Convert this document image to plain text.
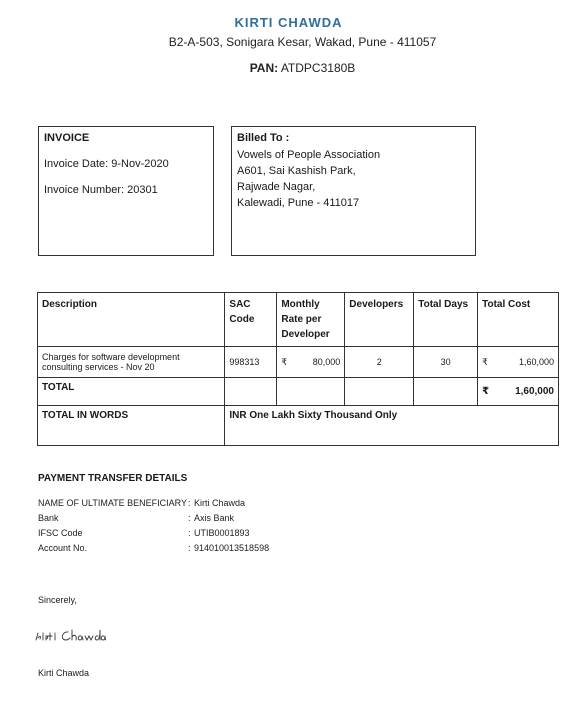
KIRTI CHAWDA
B2-A-503, Sonigara Kesar, Wakad, Pune - 411057
PAN: ATDPC3180B
INVOICE
Invoice Date: 9-Nov-2020
Invoice Number: 20301
Billed To :
Vowels of People Association
A601, Sai Kashish Park,
Rajwade Nagar,
Kalewadi, Pune - 411017
Description	SAC Code	Monthly Rate per Developer	Developers	Total Days	Total Cost
Charges for software development consulting services - Nov 20	998313	₹ 80,000	2	30	₹ 1,60,000

TOTAL					₹ 1,60,000

TOTAL IN WORDS	INR One Lakh Sixty Thousand Only				
PAYMENT TRANSFER DETAILS
NAME OF ULTIMATE BENEFICIARY: Kirti Chawda
Bank	: Axis Bank
IFSC Code	: UTIB0001893
Account No.	: 914010013518598
Sincerely,
Kirti Chawda
